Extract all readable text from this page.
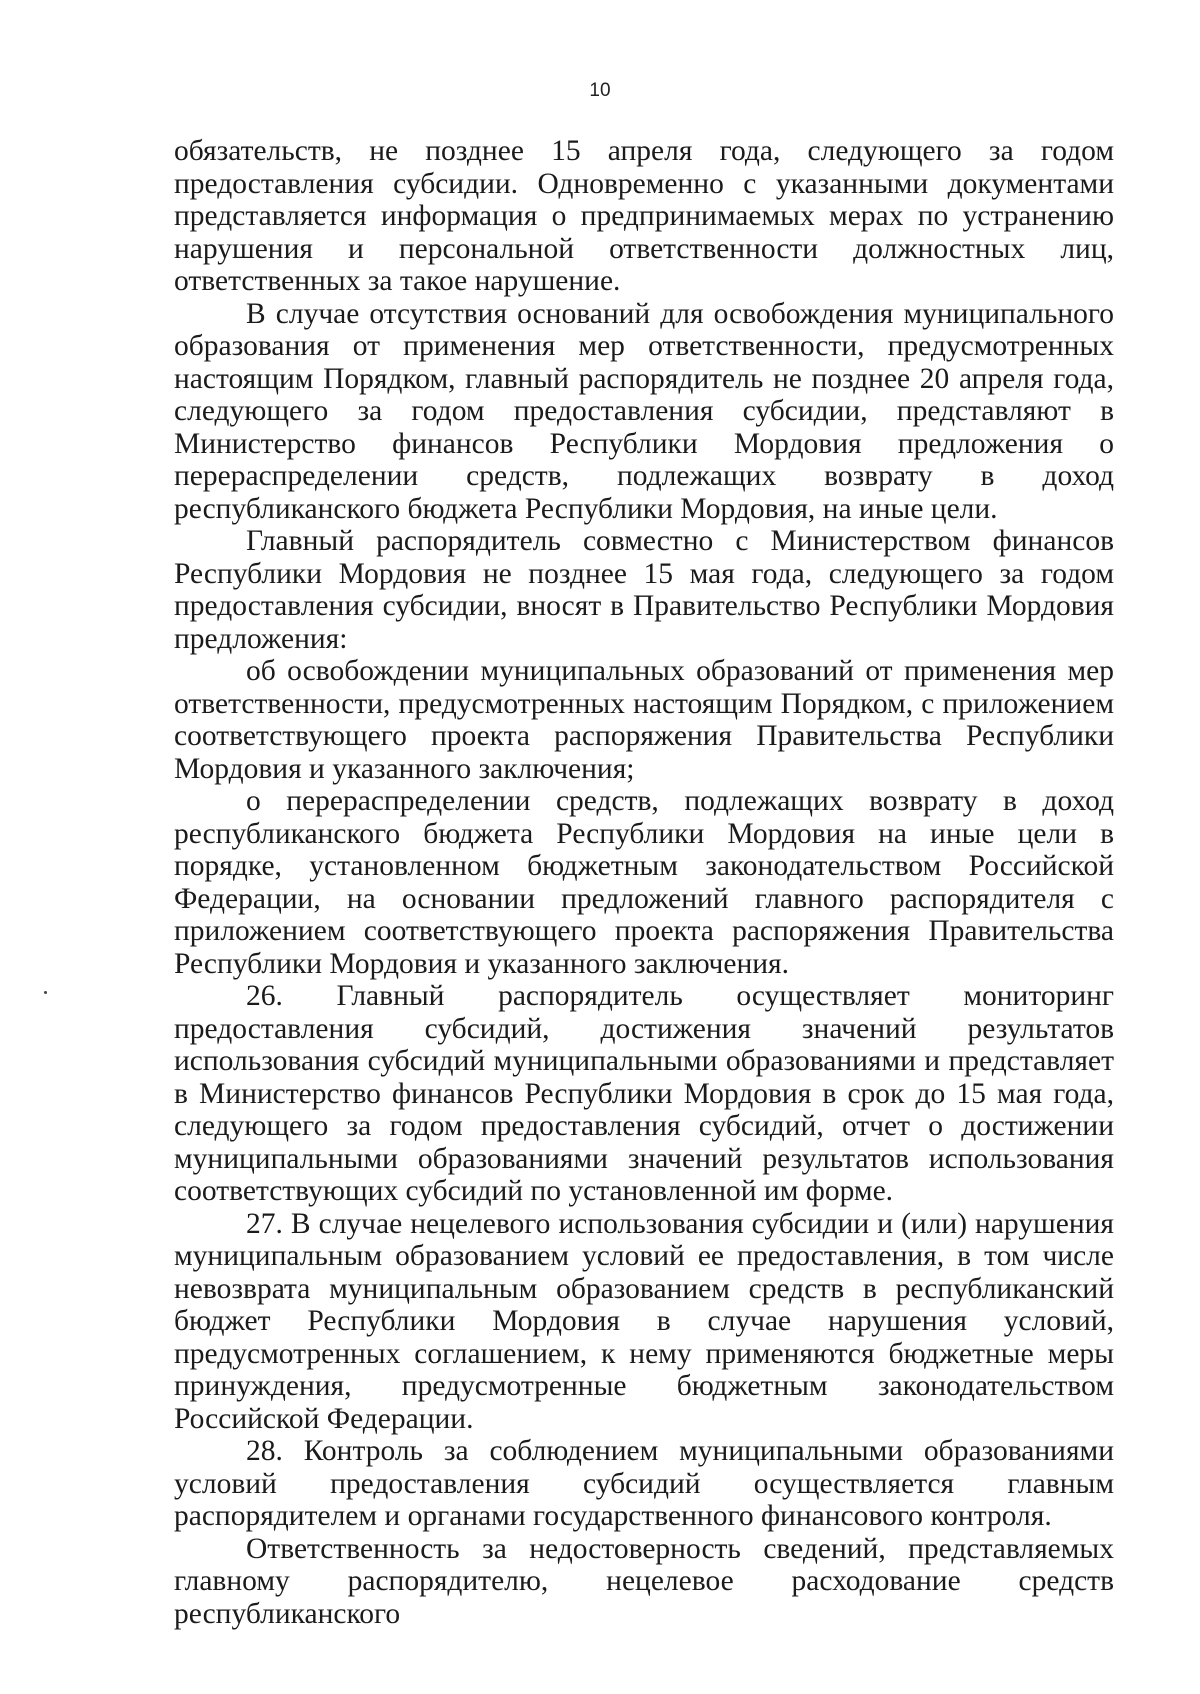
10

обязательств, не позднее 15 апреля года, следующего за годом предоставления субсидии. Одновременно с указанными документами представляется информация о предпринимаемых мерах по устранению нарушения и персональной ответственности должностных лиц, ответственных за такое нарушение.

В случае отсутствия оснований для освобождения муниципального образования от применения мер ответственности, предусмотренных настоящим Порядком, главный распорядитель не позднее 20 апреля года, следующего за годом предоставления субсидии, представляют в Министерство финансов Республики Мордовия предложения о перераспределении средств, подлежащих возврату в доход республиканского бюджета Республики Мордовия, на иные цели.

Главный распорядитель совместно с Министерством финансов Республики Мордовия не позднее 15 мая года, следующего за годом предоставления субсидии, вносят в Правительство Республики Мордовия предложения:

об освобождении муниципальных образований от применения мер ответственности, предусмотренных настоящим Порядком, с приложением соответствующего проекта распоряжения Правительства Республики Мордовия и указанного заключения;

о перераспределении средств, подлежащих возврату в доход республиканского бюджета Республики Мордовия на иные цели в порядке, установленном бюджетным законодательством Российской Федерации, на основании предложений главного распорядителя с приложением соответствующего проекта распоряжения Правительства Республики Мордовия и указанного заключения.

26. Главный распорядитель осуществляет мониторинг предоставления субсидий, достижения значений результатов использования субсидий муниципальными образованиями и представляет в Министерство финансов Республики Мордовия в срок до 15 мая года, следующего за годом предоставления субсидий, отчет о достижении муниципальными образованиями значений результатов использования соответствующих субсидий по установленной им форме.

27. В случае нецелевого использования субсидии и (или) нарушения муниципальным образованием условий ее предоставления, в том числе невозврата муниципальным образованием средств в республиканский бюджет Республики Мордовия в случае нарушения условий, предусмотренных соглашением, к нему применяются бюджетные меры принуждения, предусмотренные бюджетным законодательством Российской Федерации.

28. Контроль за соблюдением муниципальными образованиями условий предоставления субсидий осуществляется главным распорядителем и органами государственного финансового контроля.

Ответственность за недостоверность сведений, представляемых главному распорядителю, нецелевое расходование средств республиканского
